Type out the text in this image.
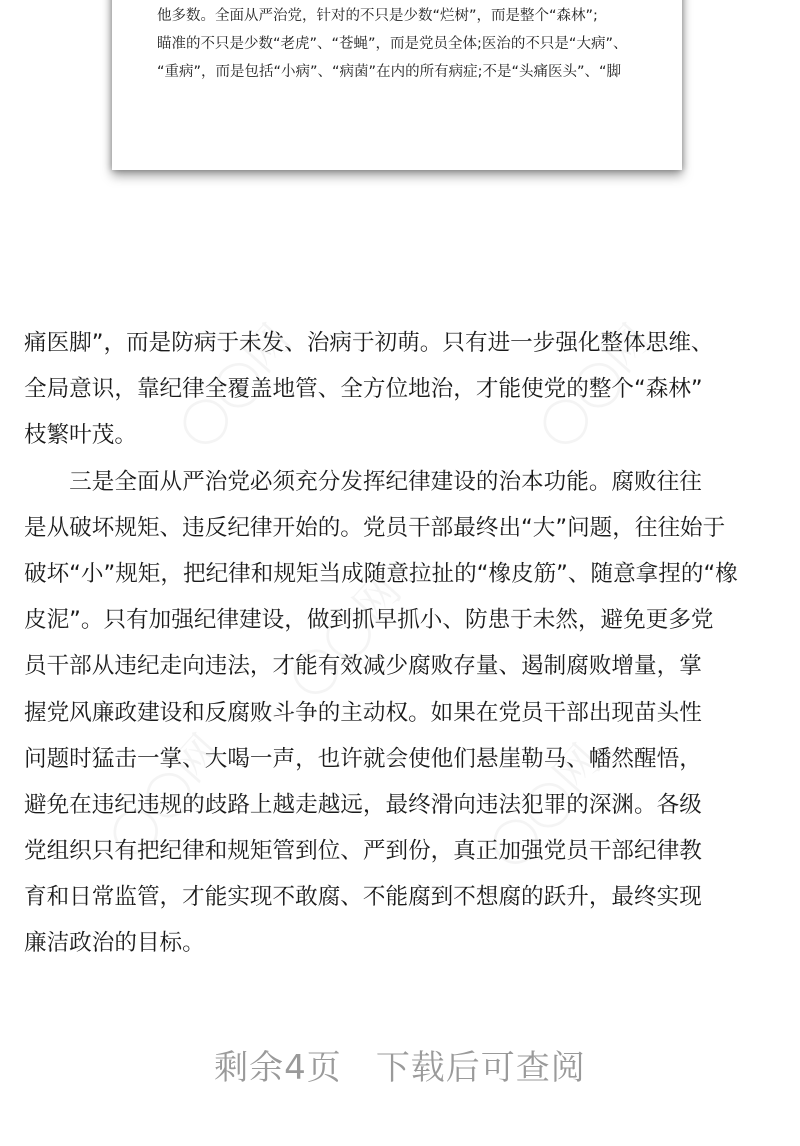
他多数。全面从严治党，针对的不只是少数“烂树”，而是整个“森林”;
瞄准的不只是少数“老虎”、“苍蝇”，而是党员全体;医治的不只是“大病”、
“重病”，而是包括“小病”、“病菌”在内的所有病症;不是“头痛医头”、“脚
痛医脚”，而是防病于未发、治病于初萌。只有进一步强化整体思维、
全局意识，靠纪律全覆盖地管、全方位地治，才能使党的整个“森林”
枝繁叶茂。
　　三是全面从严治党必须充分发挥纪律建设的治本功能。腐败往往
是从破坏规矩、违反纪律开始的。党员干部最终出“大”问题，往往始于
破坏“小”规矩，把纪律和规矩当成随意拉扯的“橡皮筋”、随意拿捏的“橡
皮泥”。只有加强纪律建设，做到抓早抓小、防患于未然，避免更多党
员干部从违纪走向违法，才能有效减少腐败存量、遏制腐败增量，掌
握党风廉政建设和反腐败斗争的主动权。如果在党员干部出现苗头性
问题时猛击一掌、大喝一声，也许就会使他们悬崖勒马、幡然醒悟，
避免在违纪违规的歧路上越走越远，最终滑向违法犯罪的深渊。各级
党组织只有把纪律和规矩管到位、严到份，真正加强党员干部纪律教
育和日常监管，才能实现不敢腐、不能腐到不想腐的跃升，最终实现
廉洁政治的目标。
剩余4页 下载后可查阅
